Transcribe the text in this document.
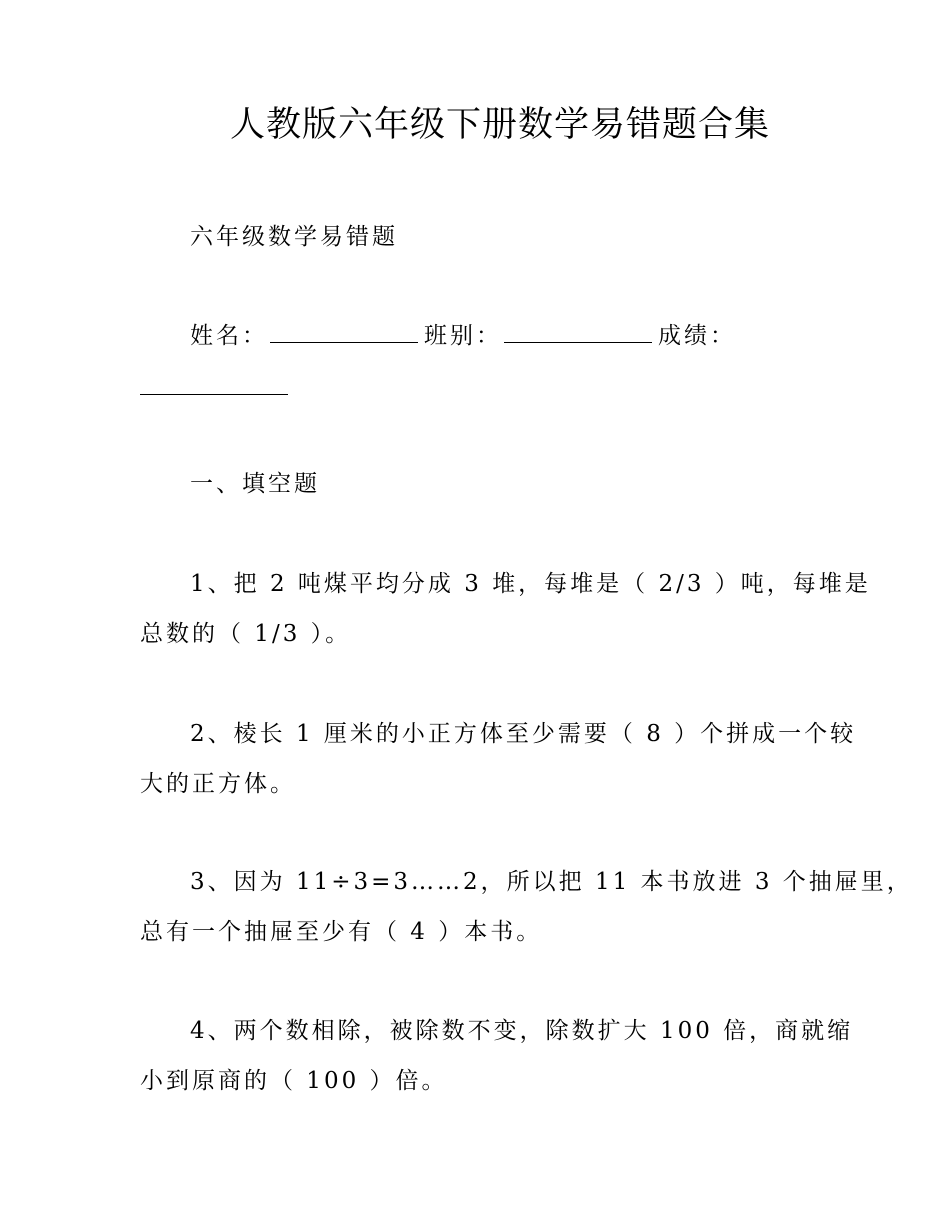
人教版六年级下册数学易错题合集
六年级数学易错题
姓名：	班别：	成绩：
一、填空题
1、把 2 吨煤平均分成 3 堆，每堆是（ 2/3 ）吨，每堆是
总数的（ 1/3 ）。
2、棱长 1 厘米的小正方体至少需要（ 8 ）个拼成一个较
大的正方体。
3、因为 11÷3=3……2，所以把 11 本书放进 3 个抽屉里，
总有一个抽屉至少有（ 4 ）本书。
4、两个数相除，被除数不变，除数扩大 100 倍，商就缩
小到原商的（ 100 ）倍。
